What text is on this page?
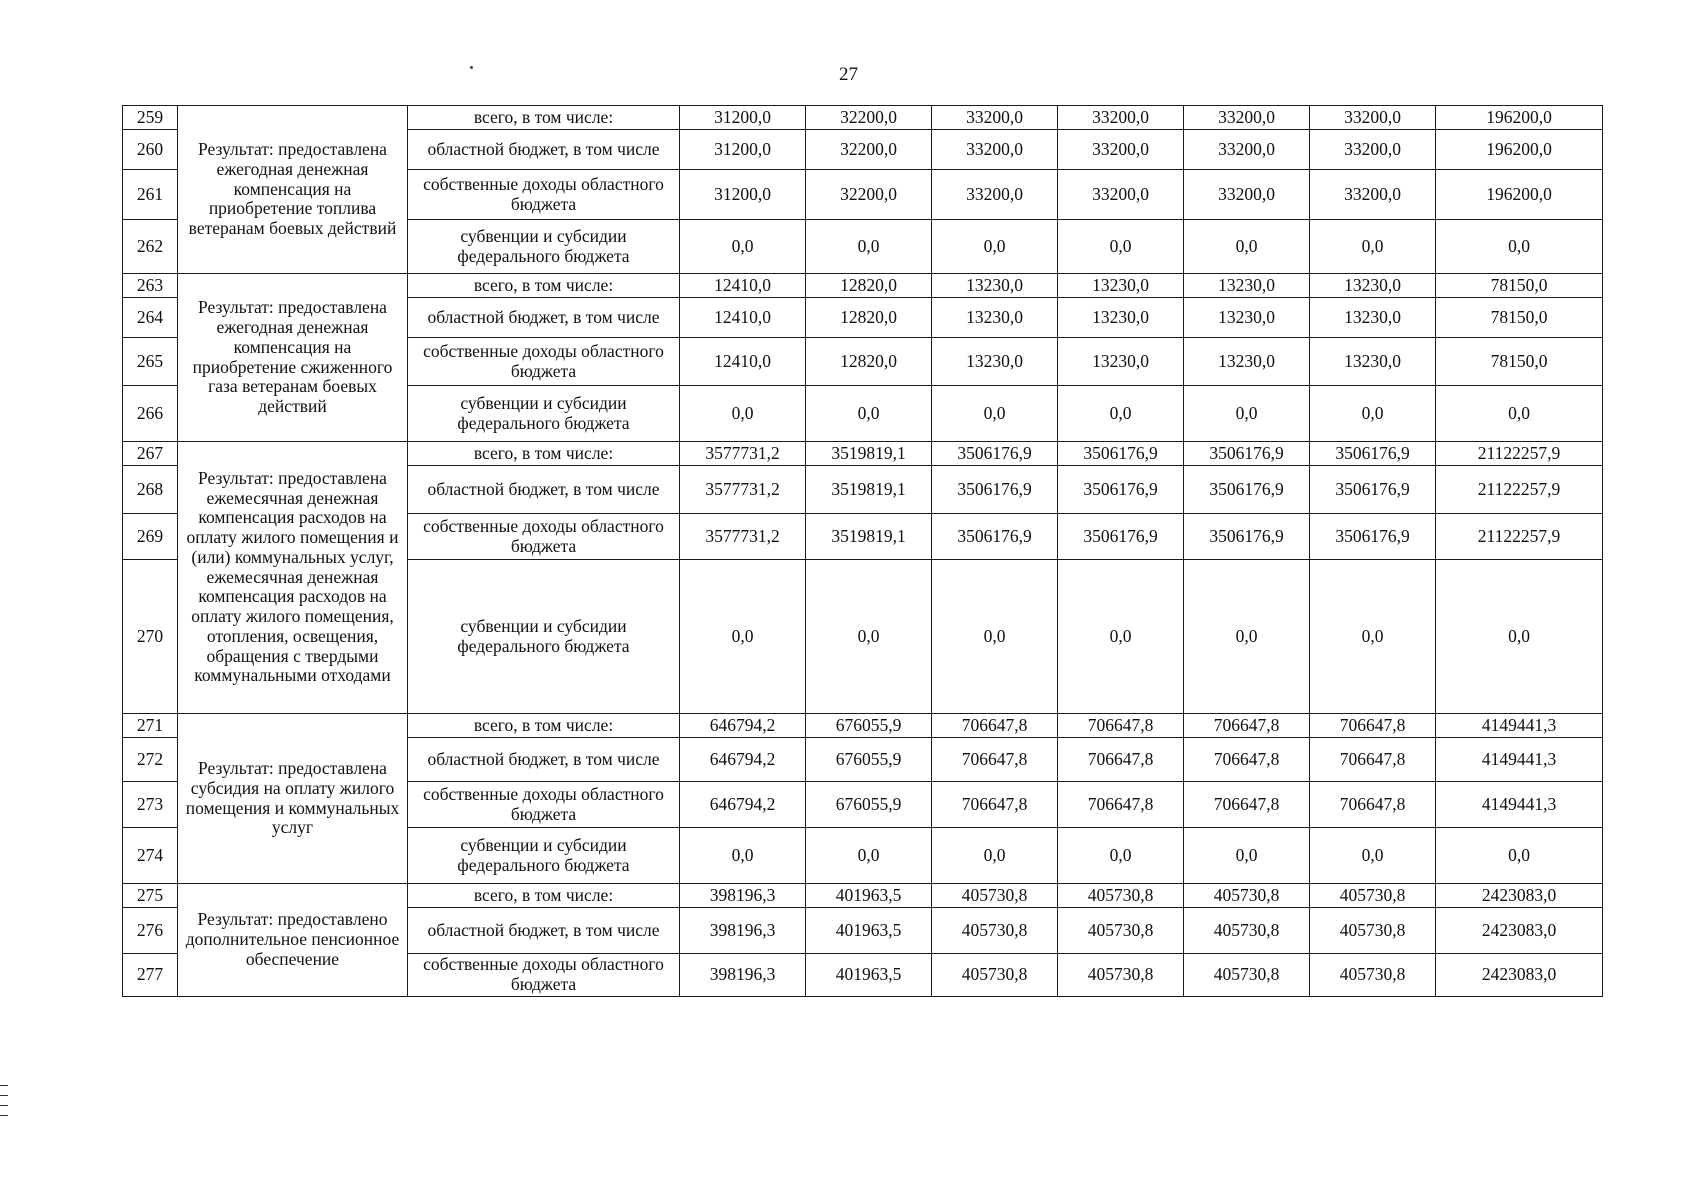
27
259	Результат: предоставлена ежегодная денежная компенсация на приобретение топлива ветеранам боевых действий	всего, в том числе:	31200,0	32200,0	33200,0	33200,0	33200,0	33200,0	196200,0
260		областной бюджет, в том числе	31200,0	32200,0	33200,0	33200,0	33200,0	33200,0	196200,0
261		собственные доходы областного бюджета	31200,0	32200,0	33200,0	33200,0	33200,0	33200,0	196200,0
262		субвенции и субсидии федерального бюджета	0,0	0,0	0,0	0,0	0,0	0,0	0,0
263	Результат: предоставлена ежегодная денежная компенсация на приобретение сжиженного газа ветеранам боевых действий	всего, в том числе:	12410,0	12820,0	13230,0	13230,0	13230,0	13230,0	78150,0
264		областной бюджет, в том числе	12410,0	12820,0	13230,0	13230,0	13230,0	13230,0	78150,0
265		собственные доходы областного бюджета	12410,0	12820,0	13230,0	13230,0	13230,0	13230,0	78150,0
266		субвенции и субсидии федерального бюджета	0,0	0,0	0,0	0,0	0,0	0,0	0,0
267	Результат: предоставлена ежемесячная денежная компенсация расходов на оплату жилого помещения и (или) коммунальных услуг, ежемесячная денежная компенсация расходов на оплату жилого помещения, отопления, освещения, обращения с твердыми коммунальными отходами	всего, в том числе:	3577731,2	3519819,1	3506176,9	3506176,9	3506176,9	3506176,9	21122257,9
268		областной бюджет, в том числе	3577731,2	3519819,1	3506176,9	3506176,9	3506176,9	3506176,9	21122257,9
269		собственные доходы областного бюджета	3577731,2	3519819,1	3506176,9	3506176,9	3506176,9	3506176,9	21122257,9
270		субвенции и субсидии федерального бюджета	0,0	0,0	0,0	0,0	0,0	0,0	0,0
271	Результат: предоставлена субсидия на оплату жилого помещения и коммунальных услуг	всего, в том числе:	646794,2	676055,9	706647,8	706647,8	706647,8	706647,8	4149441,3
272		областной бюджет, в том числе	646794,2	676055,9	706647,8	706647,8	706647,8	706647,8	4149441,3
273		собственные доходы областного бюджета	646794,2	676055,9	706647,8	706647,8	706647,8	706647,8	4149441,3
274		субвенции и субсидии федерального бюджета	0,0	0,0	0,0	0,0	0,0	0,0	0,0
275	Результат: предоставлено дополнительное пенсионное обеспечение	всего, в том числе:	398196,3	401963,5	405730,8	405730,8	405730,8	405730,8	2423083,0
276		областной бюджет, в том числе	398196,3	401963,5	405730,8	405730,8	405730,8	405730,8	2423083,0
277		собственные доходы областного бюджета	398196,3	401963,5	405730,8	405730,8	405730,8	405730,8	2423083,0
